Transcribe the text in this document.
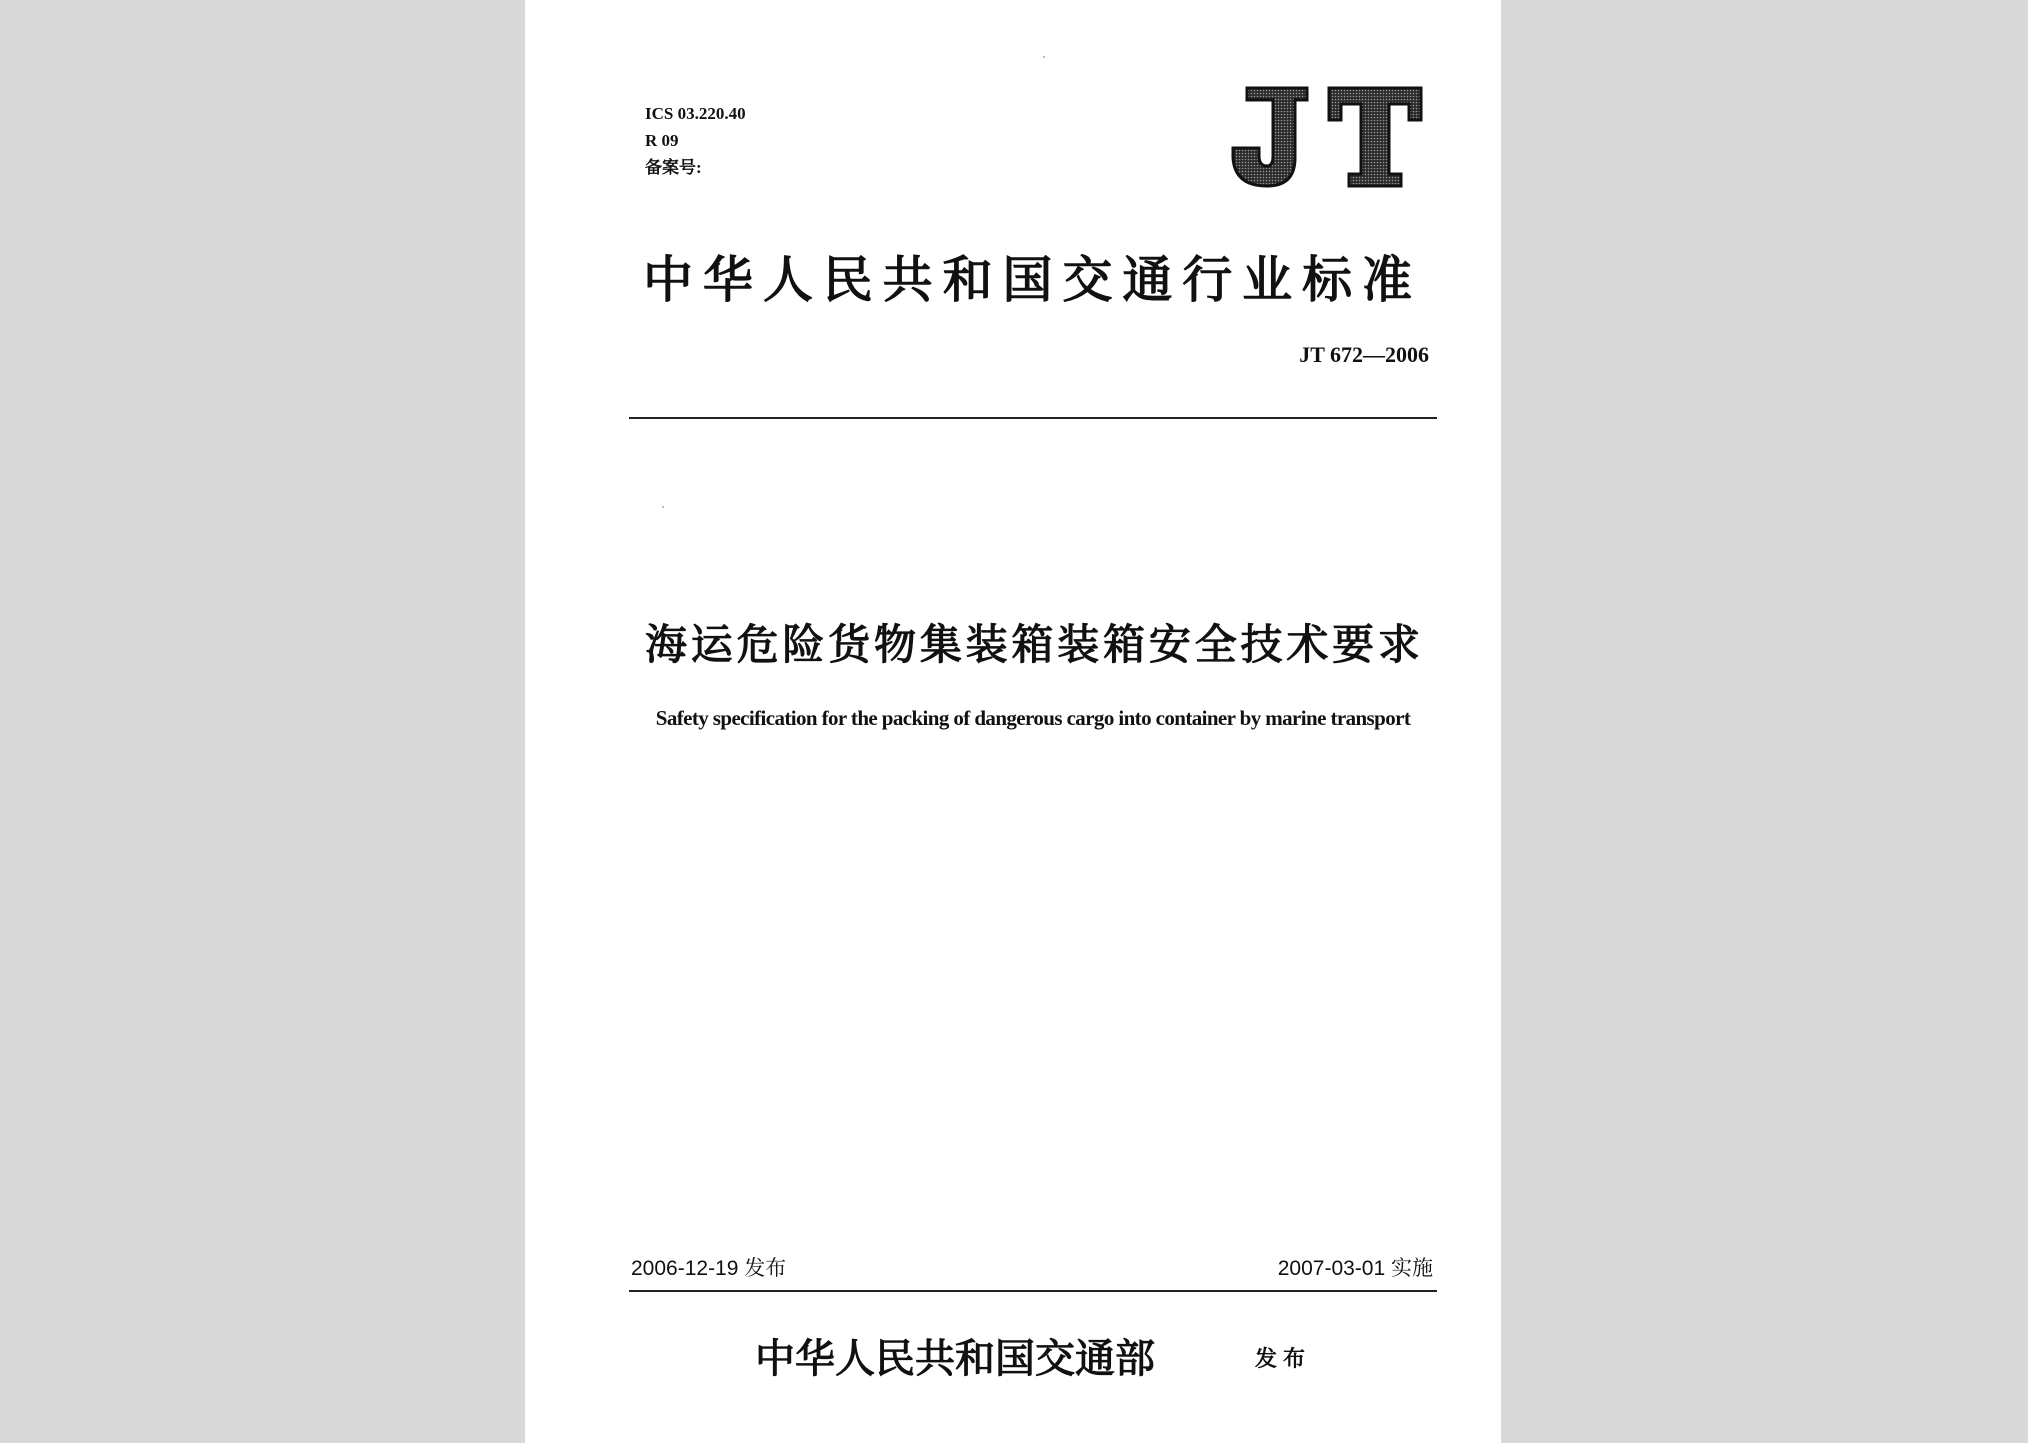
ICS 03.220.40
R 09
备案号:
中华人民共和国交通行业标准
JT 672—2006
海运危险货物集装箱装箱安全技术要求
Safety specification for the packing of dangerous cargo into container by marine transport
2006-12-19 发布	2007-03-01 实施
中华人民共和国交通部	发布
